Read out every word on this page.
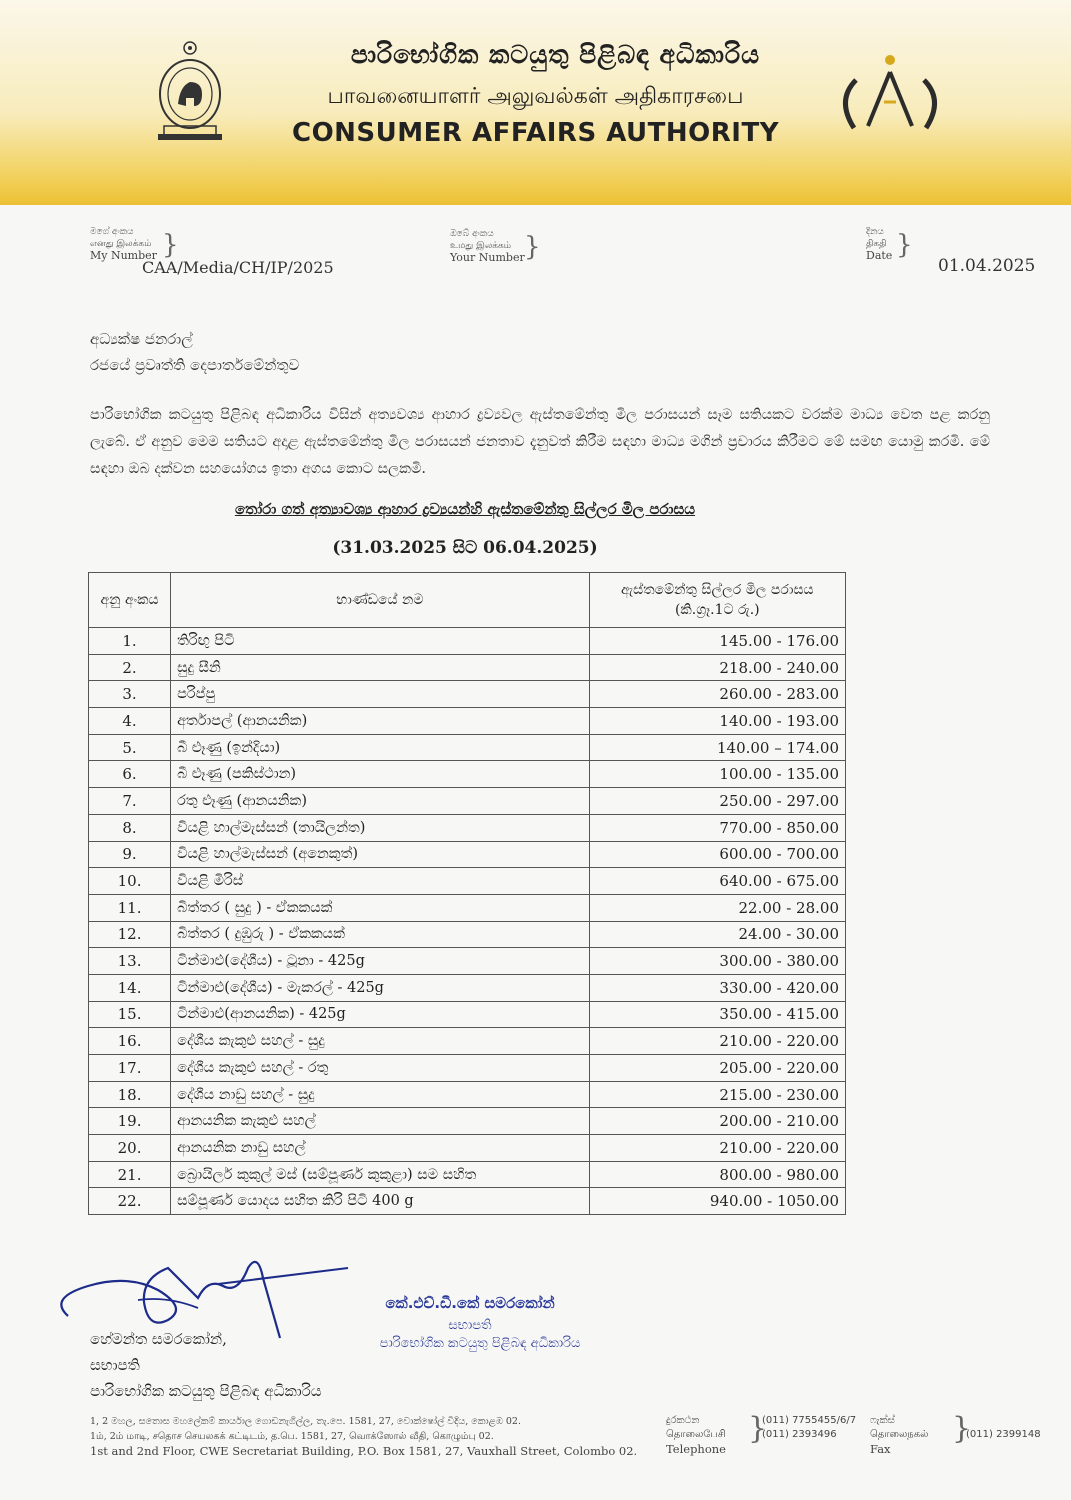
පාරිභෝගික කටයුතු පිළිබඳ අධිකාරිය
பாவனையாளர் அலுவல்கள் அதிகாரசபை
CONSUMER AFFAIRS AUTHORITY
මගේ අංකය
எனது இலக்கம்
My Number }
CAA/Media/CH/IP/2025
ඔබේ අංකය
உமது இலக்கம்
Your Number }	දිනය
திகதி
Date }
01.04.2025
අධ්‍යක්ෂ ජනරාල්
රජයේ ප්‍රවෘත්ති දෙපාර්තමේන්තුව
පාරිභෝගික කටයුතු පිළිබඳ අධිකාරිය විසින් අත්‍යවශ්‍ය ආහාර ද්‍රව්‍යවල ඇස්තමේන්තු මිල පරාසයන් සෑම සතියකට වරක්ම මාධ්‍ය වෙත පළ කරනු ලැබේ. ඒ අනුව මෙම සතියට අදාළ ඇස්තමේන්තු මිල පරාසයන් ජනතාව දැනුවත් කිරීම සඳහා මාධ්‍ය මගින් ප්‍රචාරය කිරීමට මේ සමඟ යොමු කරමි. මේ සඳහා ඔබ දක්වන සහයෝගය ඉතා අගය කොට සලකමි.
තෝරා ගත් අත්‍යාවශ්‍ය ආහාර ද්‍රව්‍යයන්හි ඇස්තමේන්තු සිල්ලර මිල පරාසය
(31.03.2025 සිට 06.04.2025)
අනු අංකය	භාණ්ඩයේ නම	ඇස්තමේන්තු සිල්ලර මිල පරාසය (කි.ග්‍රෑ.1ට රු.)
1.	තිරිඟු පිටි	145.00 - 176.00
2.	සුදු සීනි	218.00 - 240.00
3.	පරිප්පු	260.00 - 283.00
4.	අර්තාපල් (ආනයනික)	140.00 - 193.00
5.	බී ළූණු (ඉන්දියා)	140.00 – 174.00
6.	බී ළූණු (පකිස්ථාන)	100.00 - 135.00
7.	රතු ළූණු (ආනයනික)	250.00 - 297.00
8.	වියළි හාල්මැස්සන් (තායිලන්ත)	770.00 - 850.00
9.	වියළි හාල්මැස්සන් (අනෙකුත්)	600.00 - 700.00
10.	වියළි මිරිස්	640.00 - 675.00
11.	බිත්තර ( සුදු ) - ඒකකයක්	22.00 - 28.00
12.	බිත්තර ( දුඹුරු ) - ඒකකයක්	24.00 - 30.00
13.	ටින්මාළු(දේශීය) - ටූනා - 425g	300.00 - 380.00
14.	ටින්මාළු(දේශීය) - මැකරල් - 425g	330.00 - 420.00
15.	ටින්මාළු(ආනයනික) - 425g	350.00 - 415.00
16.	දේශීය කැකුළු සහල් - සුදු	210.00 - 220.00
17.	දේශීය කැකුළු සහල් - රතු	205.00 - 220.00
18.	දේශීය නාඩු සහල් - සුදු	215.00 - 230.00
19.	ආනයනික කැකුළු සහල්	200.00 - 210.00
20.	ආනයනික නාඩු සහල්	210.00 - 220.00
21.	බ්‍රොයිලර් කුකුල් මස් (සම්පූර්ණ කුකුළා) සම සහිත	800.00 - 980.00
22.	සම්පූර්ණ යොදය සහිත කිරි පිටි 400 g	940.00 - 1050.00
කේ.එච්.ඩී.කේ සමරකෝන්
සභාපති
පාරිභෝගික කටයුතු පිළිබඳ අධිකාරිය
හේමන්ත සමරකෝන්,
සභාපති
පාරිභෝගික කටයුතු පිළිබඳ අධිකාරිය
1, 2 මහල, සතොස මහලේකම් කාර්යාල ගොඩනැගිල්ල, තැ.පෙ. 1581, 27, වොක්ෂෝල් වීදිය, කොළඹ 02.
1ம், 2ம் மாடி, சதொச செயலகக் கட்டிடம், த.பெ. 1581, 27, வொக்ஸோல் வீதி, கொழும்பு 02.
1st and 2nd Floor, CWE Secretariat Building, P.O. Box 1581, 27, Vauxhall Street, Colombo 02.
දුරකථන
தொலைபேசி
Telephone
}
(011) 7755455/6/7
(011) 2393496
ෆැක්ස්
தொலைநகல்
Fax
}
(011) 2399148
